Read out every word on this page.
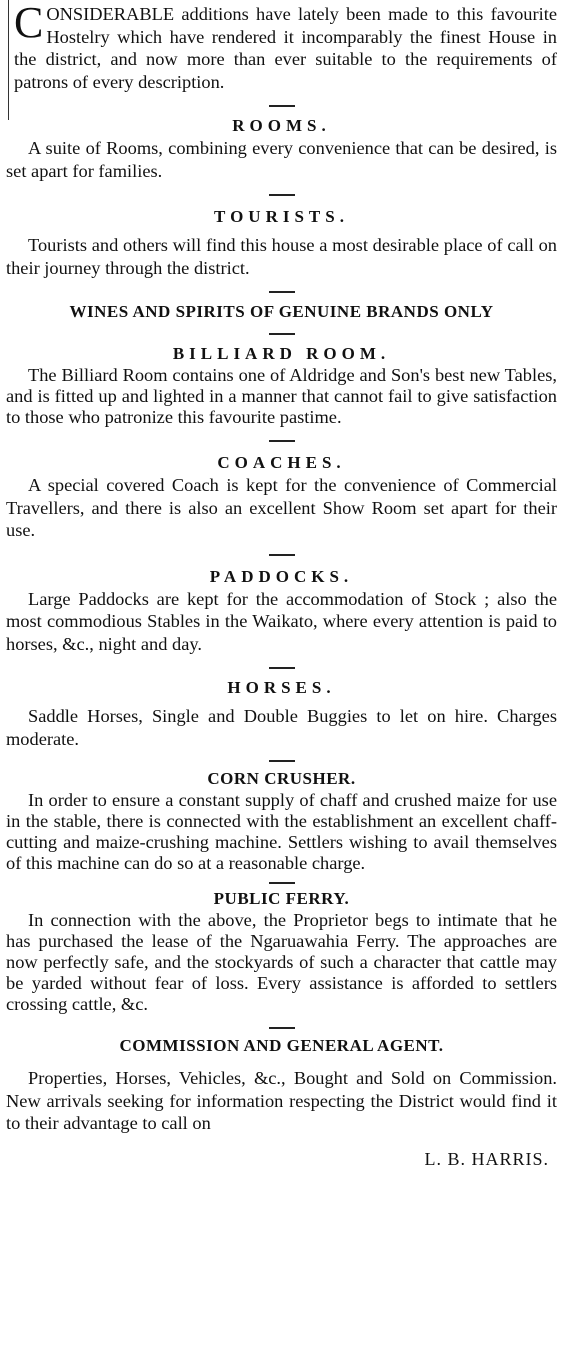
CONSIDERABLE additions have lately been made to this favourite Hostelry which have rendered it incomparably the finest House in the district, and now more than ever suitable to the requirements of patrons of every description.

ROOMS.

A suite of Rooms, combining every convenience that can be desired, is set apart for families.

TOURISTS.

Tourists and others will find this house a most desirable place of call on their journey through the district.

WINES AND SPIRITS OF GENUINE BRANDS ONLY
BILLIARD ROOM.

The Billiard Room contains one of Aldridge and Son's best new Tables, and is fitted up and lighted in a manner that cannot fail to give satisfaction to those who patronize this favourite pastime.

COACHES.

A special covered Coach is kept for the convenience of Commercial Travellers, and there is also an excellent Show Room set apart for their use.

PADDOCKS.

Large Paddocks are kept for the accommodation of Stock ; also the most commodious Stables in the Waikato, where every attention is paid to horses, &c., night and day.

HORSES.

Saddle Horses, Single and Double Buggies to let on hire. Charges moderate.

CORN CRUSHER.

In order to ensure a constant supply of chaff and crushed maize for use in the stable, there is connected with the establishment an excellent chaff-cutting and maize-crushing machine. Settlers wishing to avail themselves of this machine can do so at a reasonable charge.

PUBLIC FERRY.

In connection with the above, the Proprietor begs to intimate that he has purchased the lease of the Ngaruawahia Ferry. The approaches are now perfectly safe, and the stockyards of such a character that cattle may be yarded without fear of loss. Every assistance is afforded to settlers crossing cattle, &c.

COMMISSION AND GENERAL AGENT.

Properties, Horses, Vehicles, &c., Bought and Sold on Commission. New arrivals seeking for information respecting the District would find it to their advantage to call on

L. B. HARRIS.
